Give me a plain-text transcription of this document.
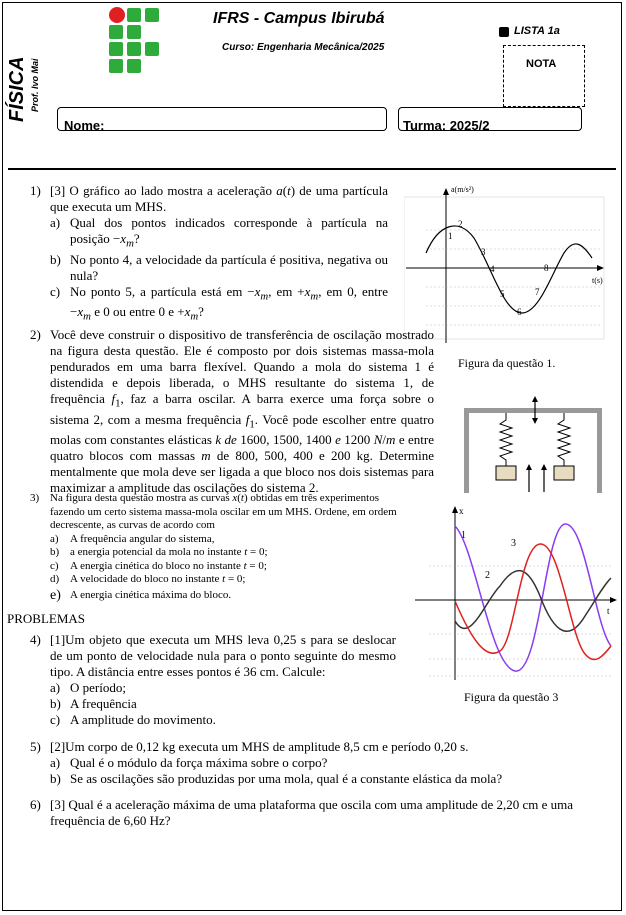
FÍSICA Prof. Ivo Mai
IFRS - Campus Ibirubá
Curso: Engenharia Mecânica/2025
LISTA 1a
NOTA
Nome:	Turma: 2025/2
1) [3] O gráfico ao lado mostra a aceleração a(t) de uma partícula que executa um MHS.
a) Qual dos pontos indicados corresponde à partícula na posição $-x_m$?
b) No ponto 4, a velocidade da partícula é positiva, negativa ou nula?
c) No ponto 5, a partícula está em $-x_m$, em $+x_m$, em 0, entre $-x_m$ e 0 ou entre 0 $e +x_m$?
1
2
3
4
5
6
7
8
a(m/s²)
t(s)
Figura da questão 1.
2) Você deve construir o dispositivo de transferência de oscilação mostrado na figura desta questão. Ele é composto por dois sistemas massa-mola pendurados em uma barra flexível. Quando a mola do sistema 1 é distendida e depois liberada, o MHS resultante do sistema 1, de frequência $f_1$, faz a barra oscilar. A barra exerce uma força sobre o sistema 2, com a mesma frequência $f_1$. Você pode escolher entre quatro molas com constantes elásticas k de 1600, 1500, 1400 e 1200 N/m e entre quatro blocos com massas m de 800, 500, 400 e 200 kg. Determine mentalmente que mola deve ser ligada a que bloco nos dois sistemas para maximizar a amplitude das oscilações do sistema 2.
3) Na figura desta questão mostra as curvas x(t) obtidas em três experimentos fazendo um certo sistema massa-mola oscilar em um MHS. Ordene, em ordem decrescente, as curvas de acordo com
a)	A frequência angular do sistema,
b) a energia potencial da mola no instante t = 0;
c)	A energia cinética do bloco no instante t = 0;
d) A velocidade do bloco no instante t = 0;
e) A energia cinética máxima do bloco.
1
2
3
x
t
Figura da questão 3
PROBLEMAS
4) [1]Um objeto que executa um MHS leva 0,25 s para se deslocar de um ponto de velocidade nula para o ponto seguinte do mesmo tipo. A distância entre esses pontos é 36 cm. Calcule:
a) O período;
b) A frequência
c) A amplitude do movimento.
5) [2]Um corpo de 0,12 kg executa um MHS de amplitude 8,5 cm e período 0,20 s.
a) Qual é o módulo da força máxima sobre o corpo?
b) Se as oscilações são produzidas por uma mola, qual é a constante elástica da mola?
6) [3] Qual é a aceleração máxima de uma plataforma que oscila com uma amplitude de 2,20 cm e uma frequência de 6,60 Hz?
